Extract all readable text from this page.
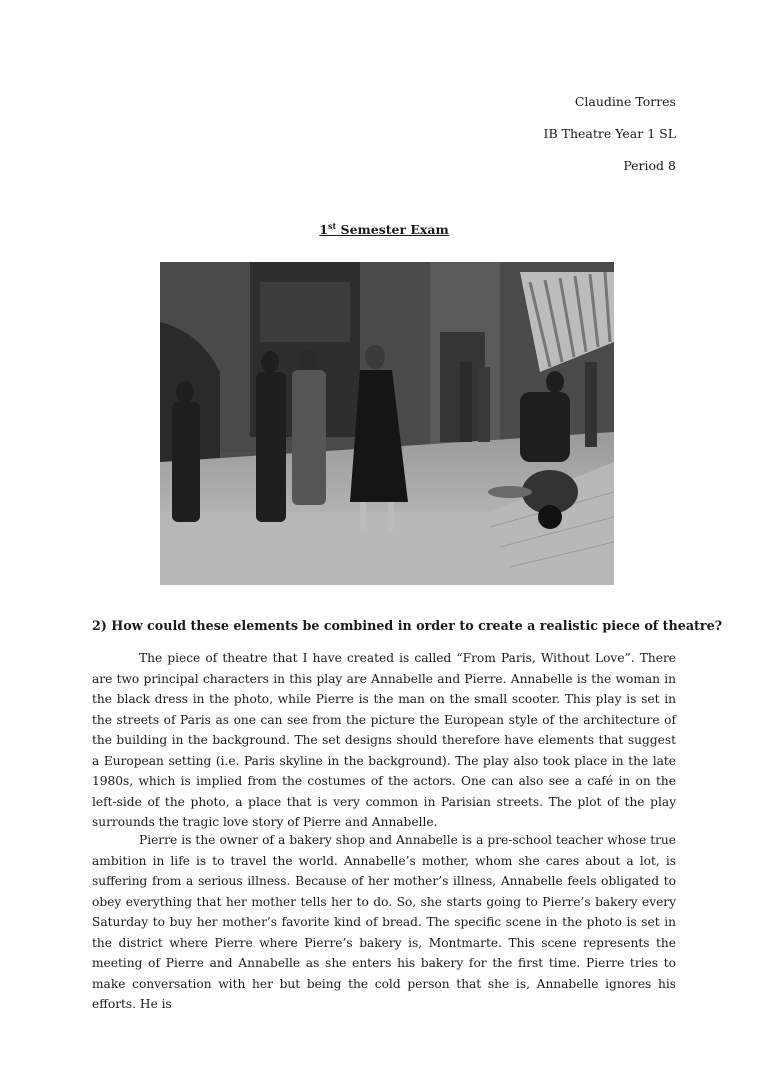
Claudine Torres
IB Theatre Year 1 SL
Period 8
1st Semester Exam
2) How could these elements be combined in order to create a realistic piece of theatre?

The piece of theatre that I have created is called “From Paris, Without Love”. There are two principal characters in this play are Annabelle and Pierre. Annabelle is the woman in the black dress in the photo, while Pierre is the man on the small scooter. This play is set in the streets of Paris as one can see from the picture the European style of the architecture of the building in the background. The set designs should therefore have elements that suggest a European setting (i.e. Paris skyline in the background). The play also took place in the late 1980s, which is implied from the costumes of the actors. One can also see a café in on the left-side of the photo, a place that is very common in Parisian streets. The plot of the play surrounds the tragic love story of Pierre and Annabelle.

Pierre is the owner of a bakery shop and Annabelle is a pre-school teacher whose true ambition in life is to travel the world. Annabelle’s mother, whom she cares about a lot, is suffering from a serious illness. Because of her mother’s illness, Annabelle feels obligated to obey everything that her mother tells her to do. So, she starts going to Pierre’s bakery every Saturday to buy her mother’s favorite kind of bread. The specific scene in the photo is set in the district where Pierre where Pierre’s bakery is, Montmarte. This scene represents the meeting of Pierre and Annabelle as she enters his bakery for the first time. Pierre tries to make conversation with her but being the cold person that she is, Annabelle ignores his efforts. He is
